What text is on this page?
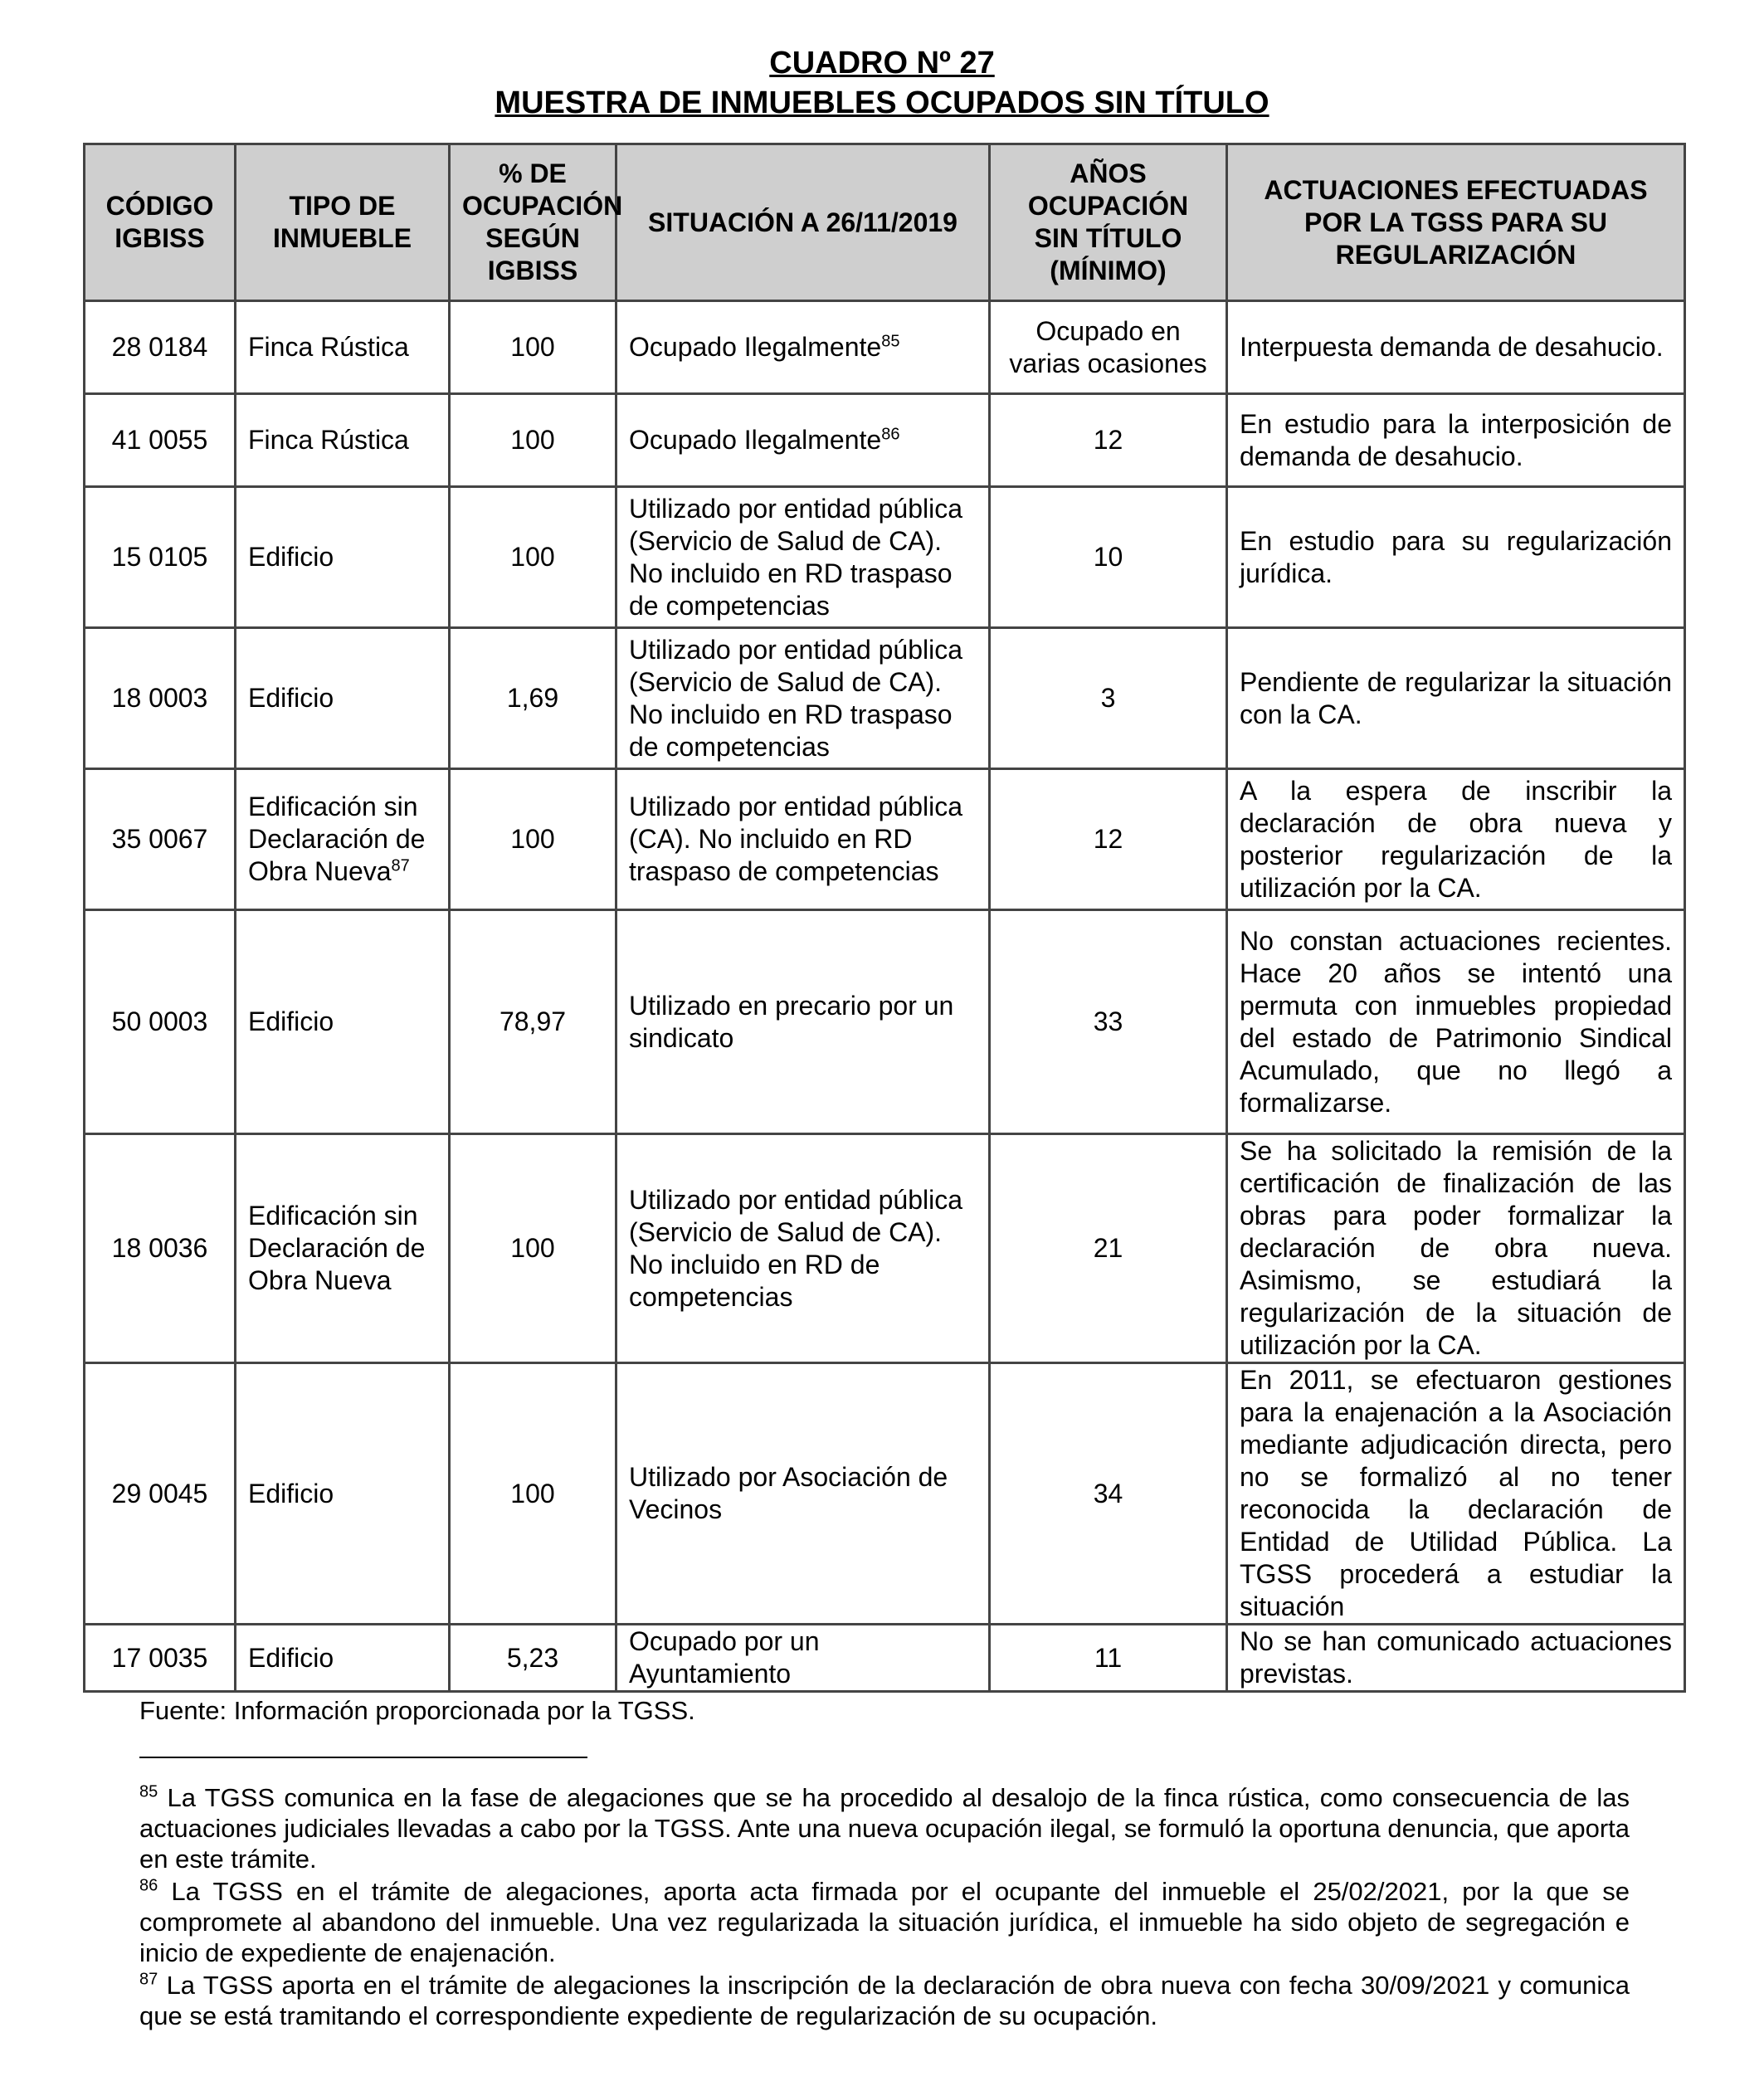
CUADRO Nº 27
MUESTRA DE INMUEBLES OCUPADOS SIN TÍTULO
CÓDIGO IGBISS	TIPO DE INMUEBLE	% DE OCUPACIÓN SEGÚN IGBISS	SITUACIÓN A 26/11/2019	AÑOS OCUPACIÓN SIN TÍTULO (MÍNIMO)	ACTUACIONES EFECTUADAS POR LA TGSS PARA SU REGULARIZACIÓN
28 0184	Finca Rústica	100	Ocupado Ilegalmente$^{85}$	Ocupado en varias ocasiones	Interpuesta demanda de desahucio.
41 0055	Finca Rústica	100	Ocupado Ilegalmente$^{86}$	12	En estudio para la interposición de demanda de desahucio.
15 0105	Edificio	100	Utilizado por entidad pública (Servicio de Salud de CA). No incluido en RD traspaso de competencias	10	En estudio para su regularización jurídica.
18 0003	Edificio	1,69	Utilizado por entidad pública (Servicio de Salud de CA). No incluido en RD traspaso de competencias	3	Pendiente de regularizar la situación con la CA.
35 0067	Edificación sin Declaración de Obra Nueva$^{87}$	100	Utilizado por entidad pública (CA). No incluido en RD traspaso de competencias	12	A la espera de inscribir la declaración de obra nueva y posterior regularización de la utilización por la CA.
50 0003	Edificio	78,97	Utilizado en precario por un sindicato	33	No constan actuaciones recientes. Hace 20 años se intentó una permuta con inmuebles propiedad del estado de Patrimonio Sindical Acumulado, que no llegó a formalizarse.
18 0036	Edificación sin Declaración de Obra Nueva	100	Utilizado por entidad pública (Servicio de Salud de CA). No incluido en RD de competencias	21	Se ha solicitado la remisión de la certificación de finalización de las obras para poder formalizar la declaración de obra nueva. Asimismo, se estudiará la regularización de la situación de utilización por la CA.
29 0045	Edificio	100	Utilizado por Asociación de Vecinos	34	En 2011, se efectuaron gestiones para la enajenación a la Asociación mediante adjudicación directa, pero no se formalizó al no tener reconocida la declaración de Entidad de Utilidad Pública. La TGSS procederá a estudiar la situación
17 0035	Edificio	5,23	Ocupado por un Ayuntamiento	11	No se han comunicado actuaciones previstas.
Fuente: Información proporcionada por la TGSS.

$^{85}$ La TGSS comunica en la fase de alegaciones que se ha procedido al desalojo de la finca rústica, como consecuencia de las actuaciones judiciales llevadas a cabo por la TGSS. Ante una nueva ocupación ilegal, se formuló la oportuna denuncia, que aporta en este trámite.

$^{86}$ La TGSS en el trámite de alegaciones, aporta acta firmada por el ocupante del inmueble el 25/02/2021, por la que se compromete al abandono del inmueble. Una vez regularizada la situación jurídica, el inmueble ha sido objeto de segregación e inicio de expediente de enajenación.

$^{87}$ La TGSS aporta en el trámite de alegaciones la inscripción de la declaración de obra nueva con fecha 30/09/2021 y comunica que se está tramitando el correspondiente expediente de regularización de su ocupación.
